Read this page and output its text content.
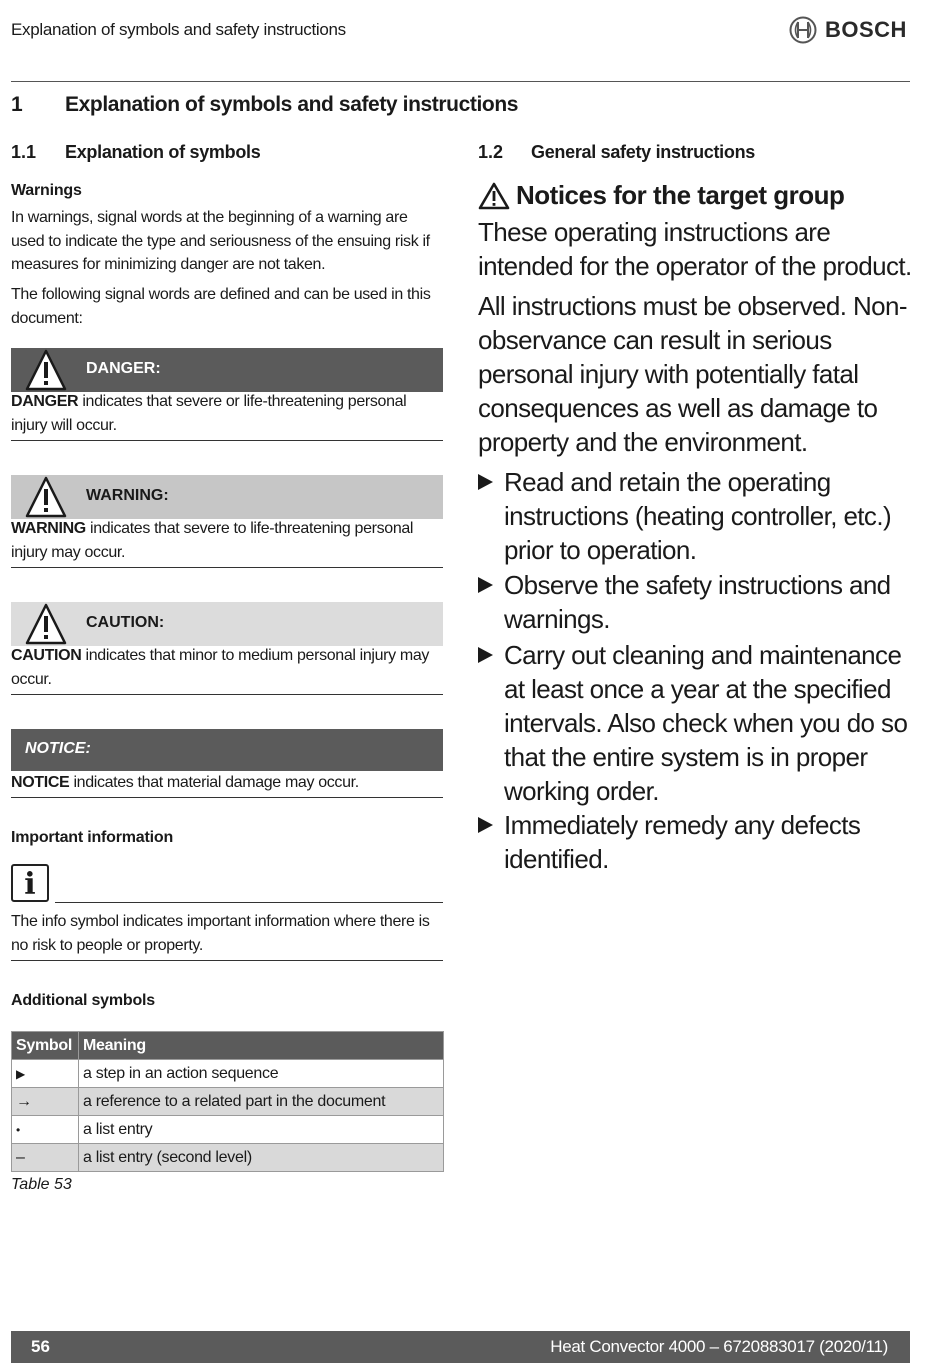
Explanation of symbols and safety instructions	BOSCH
1 Explanation of symbols and safety instructions
1.1 Explanation of symbols
Warnings
In warnings, signal words at the beginning of a warning are used to indicate the type and seriousness of the ensuing risk if measures for minimizing danger are not taken.
The following signal words are defined and can be used in this document:
DANGER:
DANGER indicates that severe or life-threatening personal injury will occur.
WARNING:
WARNING indicates that severe to life-threatening personal injury may occur.
CAUTION:
CAUTION indicates that minor to medium personal injury may occur.
NOTICE:
NOTICE indicates that material damage may occur.
Important information
i
The info symbol indicates important information where there is no risk to people or property.
Additional symbols
Symbol	Meaning
▶	a step in an action sequence
→	a reference to a related part in the document
•	a list entry
–	a list entry (second level)
Table 53
1.2 General safety instructions
Notices for the target group
These operating instructions are intended for the operator of the product.
All instructions must be observed. Non-observance can result in serious personal injury with potentially fatal consequences as well as damage to property and the environment.
Read and retain the operating instructions (heating controller, etc.) prior to operation.
Observe the safety instructions and warnings.
Carry out cleaning and maintenance at least once a year at the specified intervals. Also check when you do so that the entire system is in proper working order.
Immediately remedy any defects identified.
56	Heat Convector 4000 – 6720883017 (2020/11)
